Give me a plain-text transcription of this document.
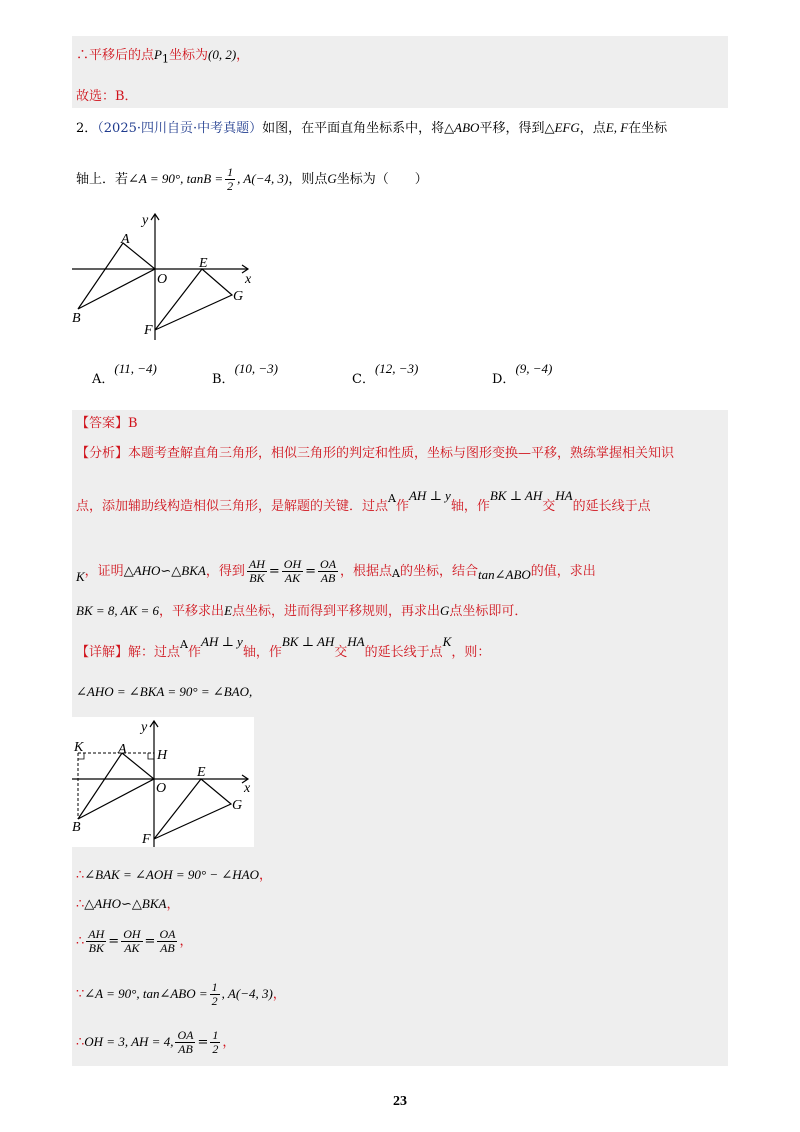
∴平移后的点$P_1$坐标为(0, 2)，
故选：B．
2．（2025·四川自贡·中考真题）如图，在平面直角坐标系中，将△ABO平移，得到△EFG，点E, F在坐标
轴上．若∠A = 90°, $\tan B = \frac{1}{2}$ , A(−4, 3)，则点G坐标为（　　）
y
A
O
E
x
G
B
F
A．(11, −4)
B．(10, −3)
C．(12, −3)
D．(9, −4)
【答案】B
【分析】本题考查解直角三角形，相似三角形的判定和性质，坐标与图形变换—平移，熟练掌握相关知识
点，添加辅助线构造相似三角形，是解题的关键．过点$^A$作AH ⊥ y轴，作BK ⊥ AH交HA的延长线于点
K，证明△AHO∽△BKA，得到 $\frac{AH}{BK} = \frac{OH}{AK} = \frac{OA}{AB}$ ，根据点A的坐标，结合tan∠ABO的值，求出
BK = 8, AK = 6，平移求出E点坐标，进而得到平移规则，再求出G点坐标即可．
【详解】解：过点$^A$作AH ⊥ y轴，作BK ⊥ AH交HA的延长线于点K，则：
∠AHO = ∠BKA = 90° = ∠BAO,
y
K A H
O
E
x
G
B
F
∴∠BAK = ∠AOH = 90° − ∠HAO，
∴△AHO∽△BKA，
∴ $\frac{AH}{BK} = \frac{OH}{AK} = \frac{OA}{AB}$ ，
∵∠A = 90°, tan∠ABO = $\frac{1}{2}$ , A(−4, 3)，
∴OH = 3, AH = 4, $\frac{OA}{AB} = \frac{1}{2}$ ，
23
